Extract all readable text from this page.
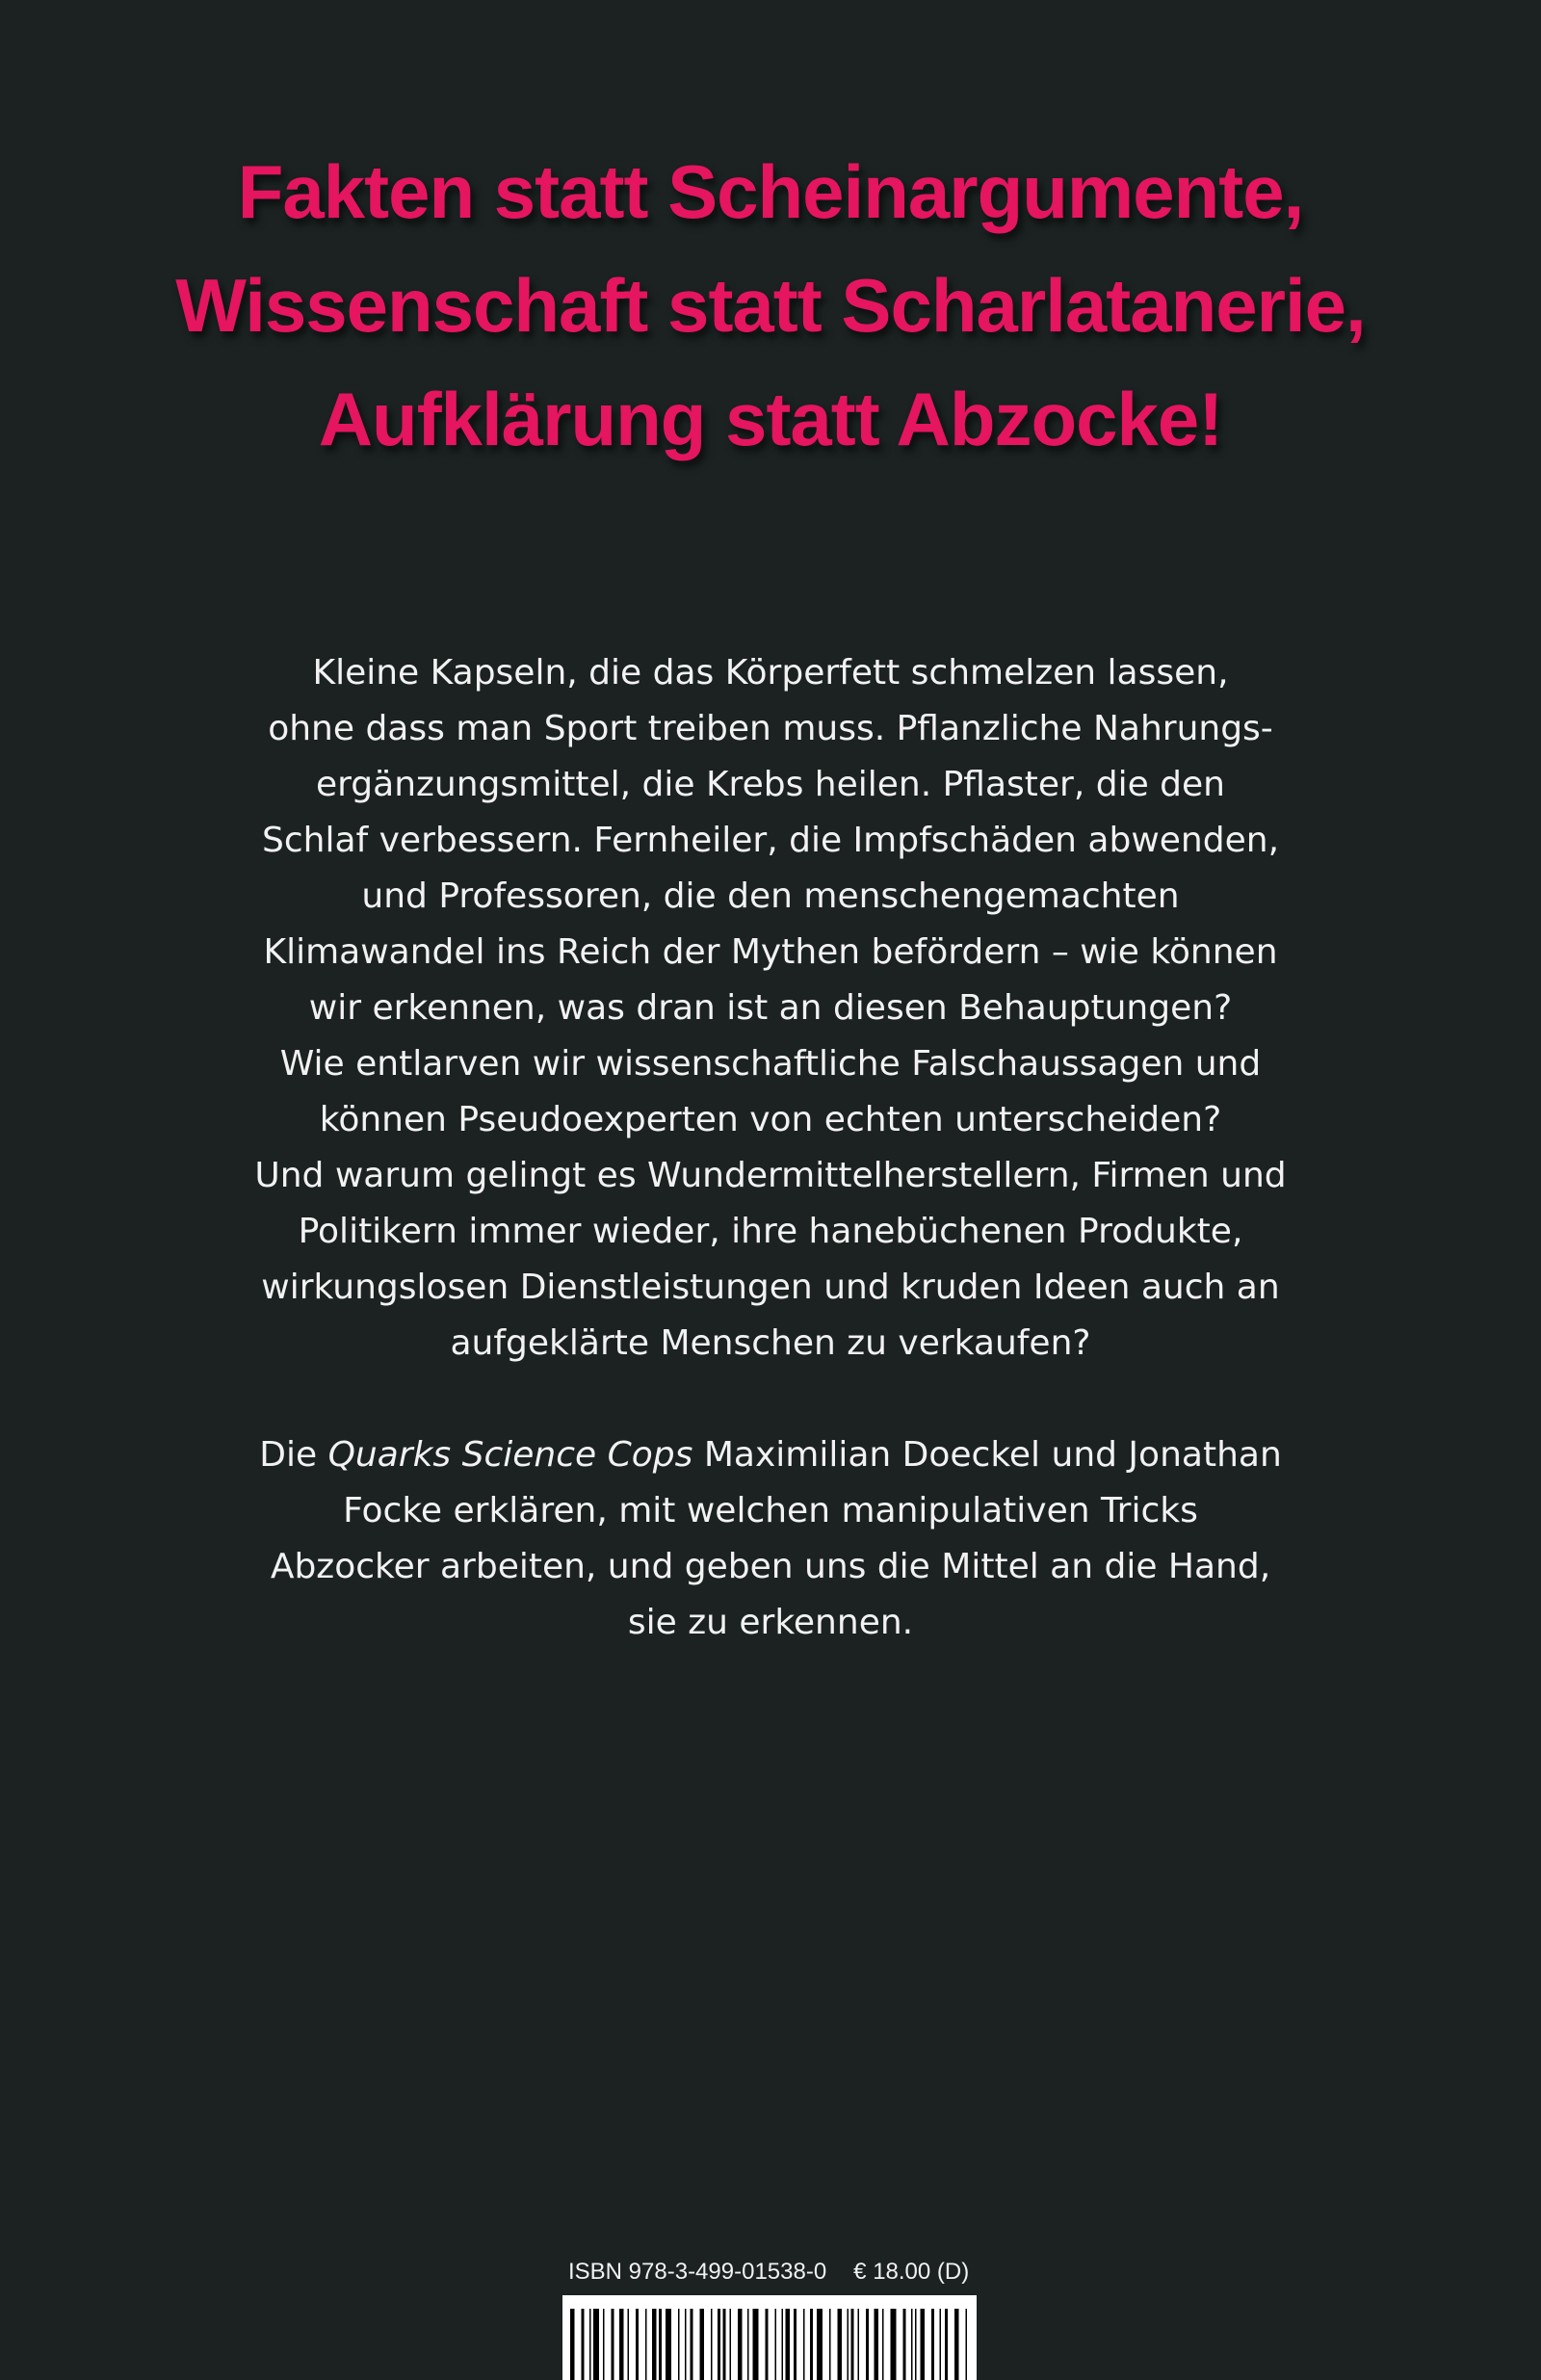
Fakten statt Scheinargumente,
Wissenschaft statt Scharlatanerie,
Aufklärung statt Abzocke!

Kleine Kapseln, die das Körperfett schmelzen lassen,
ohne dass man Sport treiben muss. Pflanzliche Nahrungs-
ergänzungsmittel, die Krebs heilen. Pflaster, die den
Schlaf verbessern. Fernheiler, die Impfschäden abwenden,
und Professoren, die den menschengemachten
Klimawandel ins Reich der Mythen befördern – wie können
wir erkennen, was dran ist an diesen Behauptungen?
Wie entlarven wir wissenschaftliche Falschaussagen und
können Pseudoexperten von echten unterscheiden?
Und warum gelingt es Wundermittelherstellern, Firmen und
Politikern immer wieder, ihre hanebüchenen Produkte,
wirkungslosen Dienstleistungen und kruden Ideen auch an
aufgeklärte Menschen zu verkaufen?

Die Quarks Science Cops Maximilian Doeckel und Jonathan
Focke erklären, mit welchen manipulativen Tricks
Abzocker arbeiten, und geben uns die Mittel an die Hand,
sie zu erkennen.

ISBN 978-3-499-01538-0 € 18.00 (D)
